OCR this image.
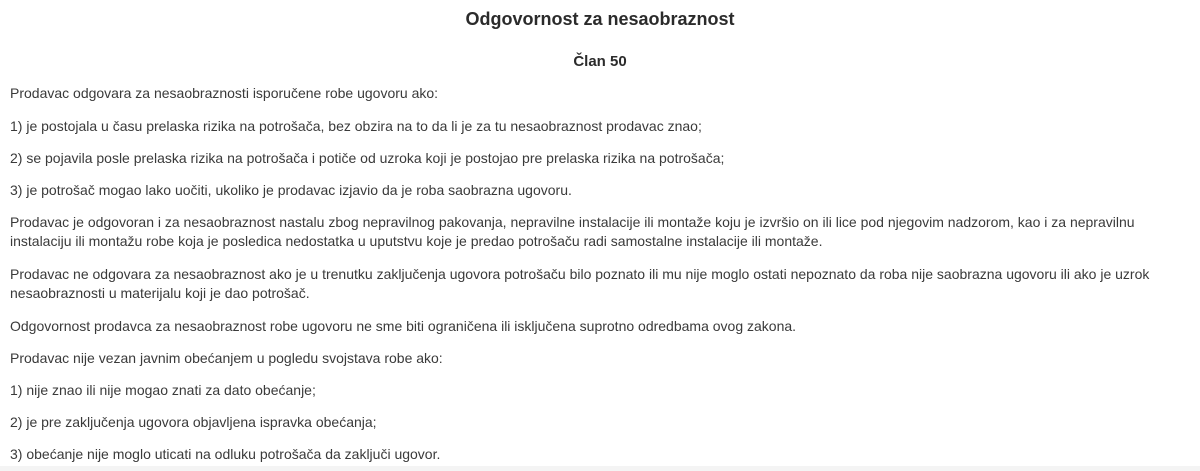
Odgovornost za nesaobraznost
Član 50

Prodavac odgovara za nesaobraznosti isporučene robe ugovoru ako:

1) je postojala u času prelaska rizika na potrošača, bez obzira na to da li je za tu nesaobraznost prodavac znao;

2) se pojavila posle prelaska rizika na potrošača i potiče od uzroka koji je postojao pre prelaska rizika na potrošača;

3) je potrošač mogao lako uočiti, ukoliko je prodavac izjavio da je roba saobrazna ugovoru.

Prodavac je odgovoran i za nesaobraznost nastalu zbog nepravilnog pakovanja, nepravilne instalacije ili montaže koju je izvršio on ili lice pod njegovim nadzorom, kao i za nepravilnu instalaciju ili montažu robe koja je posledica nedostatka u uputstvu koje je predao potrošaču radi samostalne instalacije ili montaže.

Prodavac ne odgovara za nesaobraznost ako je u trenutku zaključenja ugovora potrošaču bilo poznato ili mu nije moglo ostati nepoznato da roba nije saobrazna ugovoru ili ako je uzrok nesaobraznosti u materijalu koji je dao potrošač.

Odgovornost prodavca za nesaobraznost robe ugovoru ne sme biti ograničena ili isključena suprotno odredbama ovog zakona.

Prodavac nije vezan javnim obećanjem u pogledu svojstava robe ako:

1) nije znao ili nije mogao znati za dato obećanje;

2) je pre zaključenja ugovora objavljena ispravka obećanja;

3) obećanje nije moglo uticati na odluku potrošača da zaključi ugovor.
